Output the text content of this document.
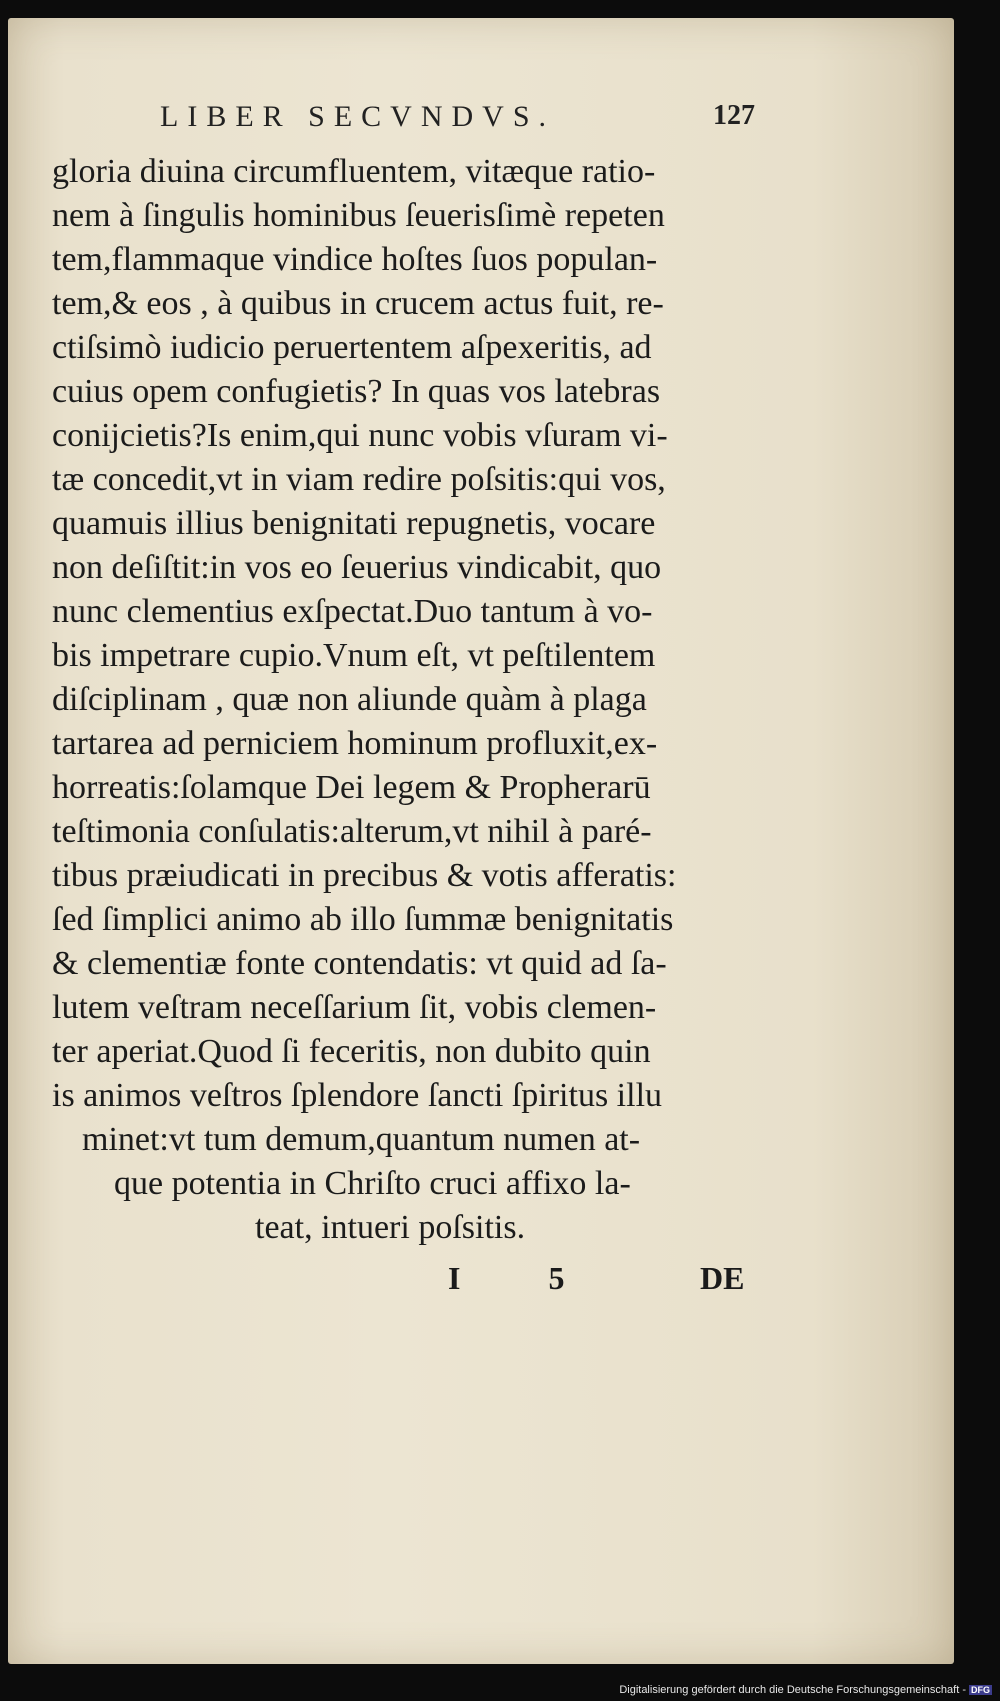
LIBER SECVNDVS.	127
gloria diuina circumfluentem, vitæque ratio-
nem à ſingulis hominibus ſeuerisſimè repeten
tem,flammaque vindice hoſtes ſuos populan-
tem,& eos , à quibus in crucem actus fuit, re-
ctiſsimò iudicio peruertentem aſpexeritis, ad
cuius opem confugietis? In quas vos latebras
conijcietis?Is enim,qui nunc vobis vſuram vi-
tæ concedit,vt in viam redire poſsitis:qui vos,
quamuis illius benignitati repugnetis, vocare
non deſiſtit:in vos eo ſeuerius vindicabit, quo
nunc clementius exſpectat.Duo tantum à vo-
bis impetrare cupio.Vnum eſt, vt peſtilentem
diſciplinam , quæ non aliunde quàm à plaga
tartarea ad perniciem hominum profluxit,ex-
horreatis:ſolamque Dei legem & Propherarū
teſtimonia conſulatis:alterum,vt nihil à paré-
tibus præiudicati in precibus & votis afferatis:
ſed ſimplici animo ab illo ſummæ benignitatis
& clementiæ fonte contendatis: vt quid ad ſa-
lutem veſtram neceſſarium ſit, vobis clemen-
ter aperiat.Quod ſi feceritis, non dubito quin
is animos veſtros ſplendore ſancti ſpiritus illu
minet:vt tum demum,quantum numen at-
que potentia in Chriſto cruci affixo la-
teat, intueri poſsitis.
I 5	DE
Digitalisierung gefördert durch die Deutsche Forschungsgemeinschaft - DFG
